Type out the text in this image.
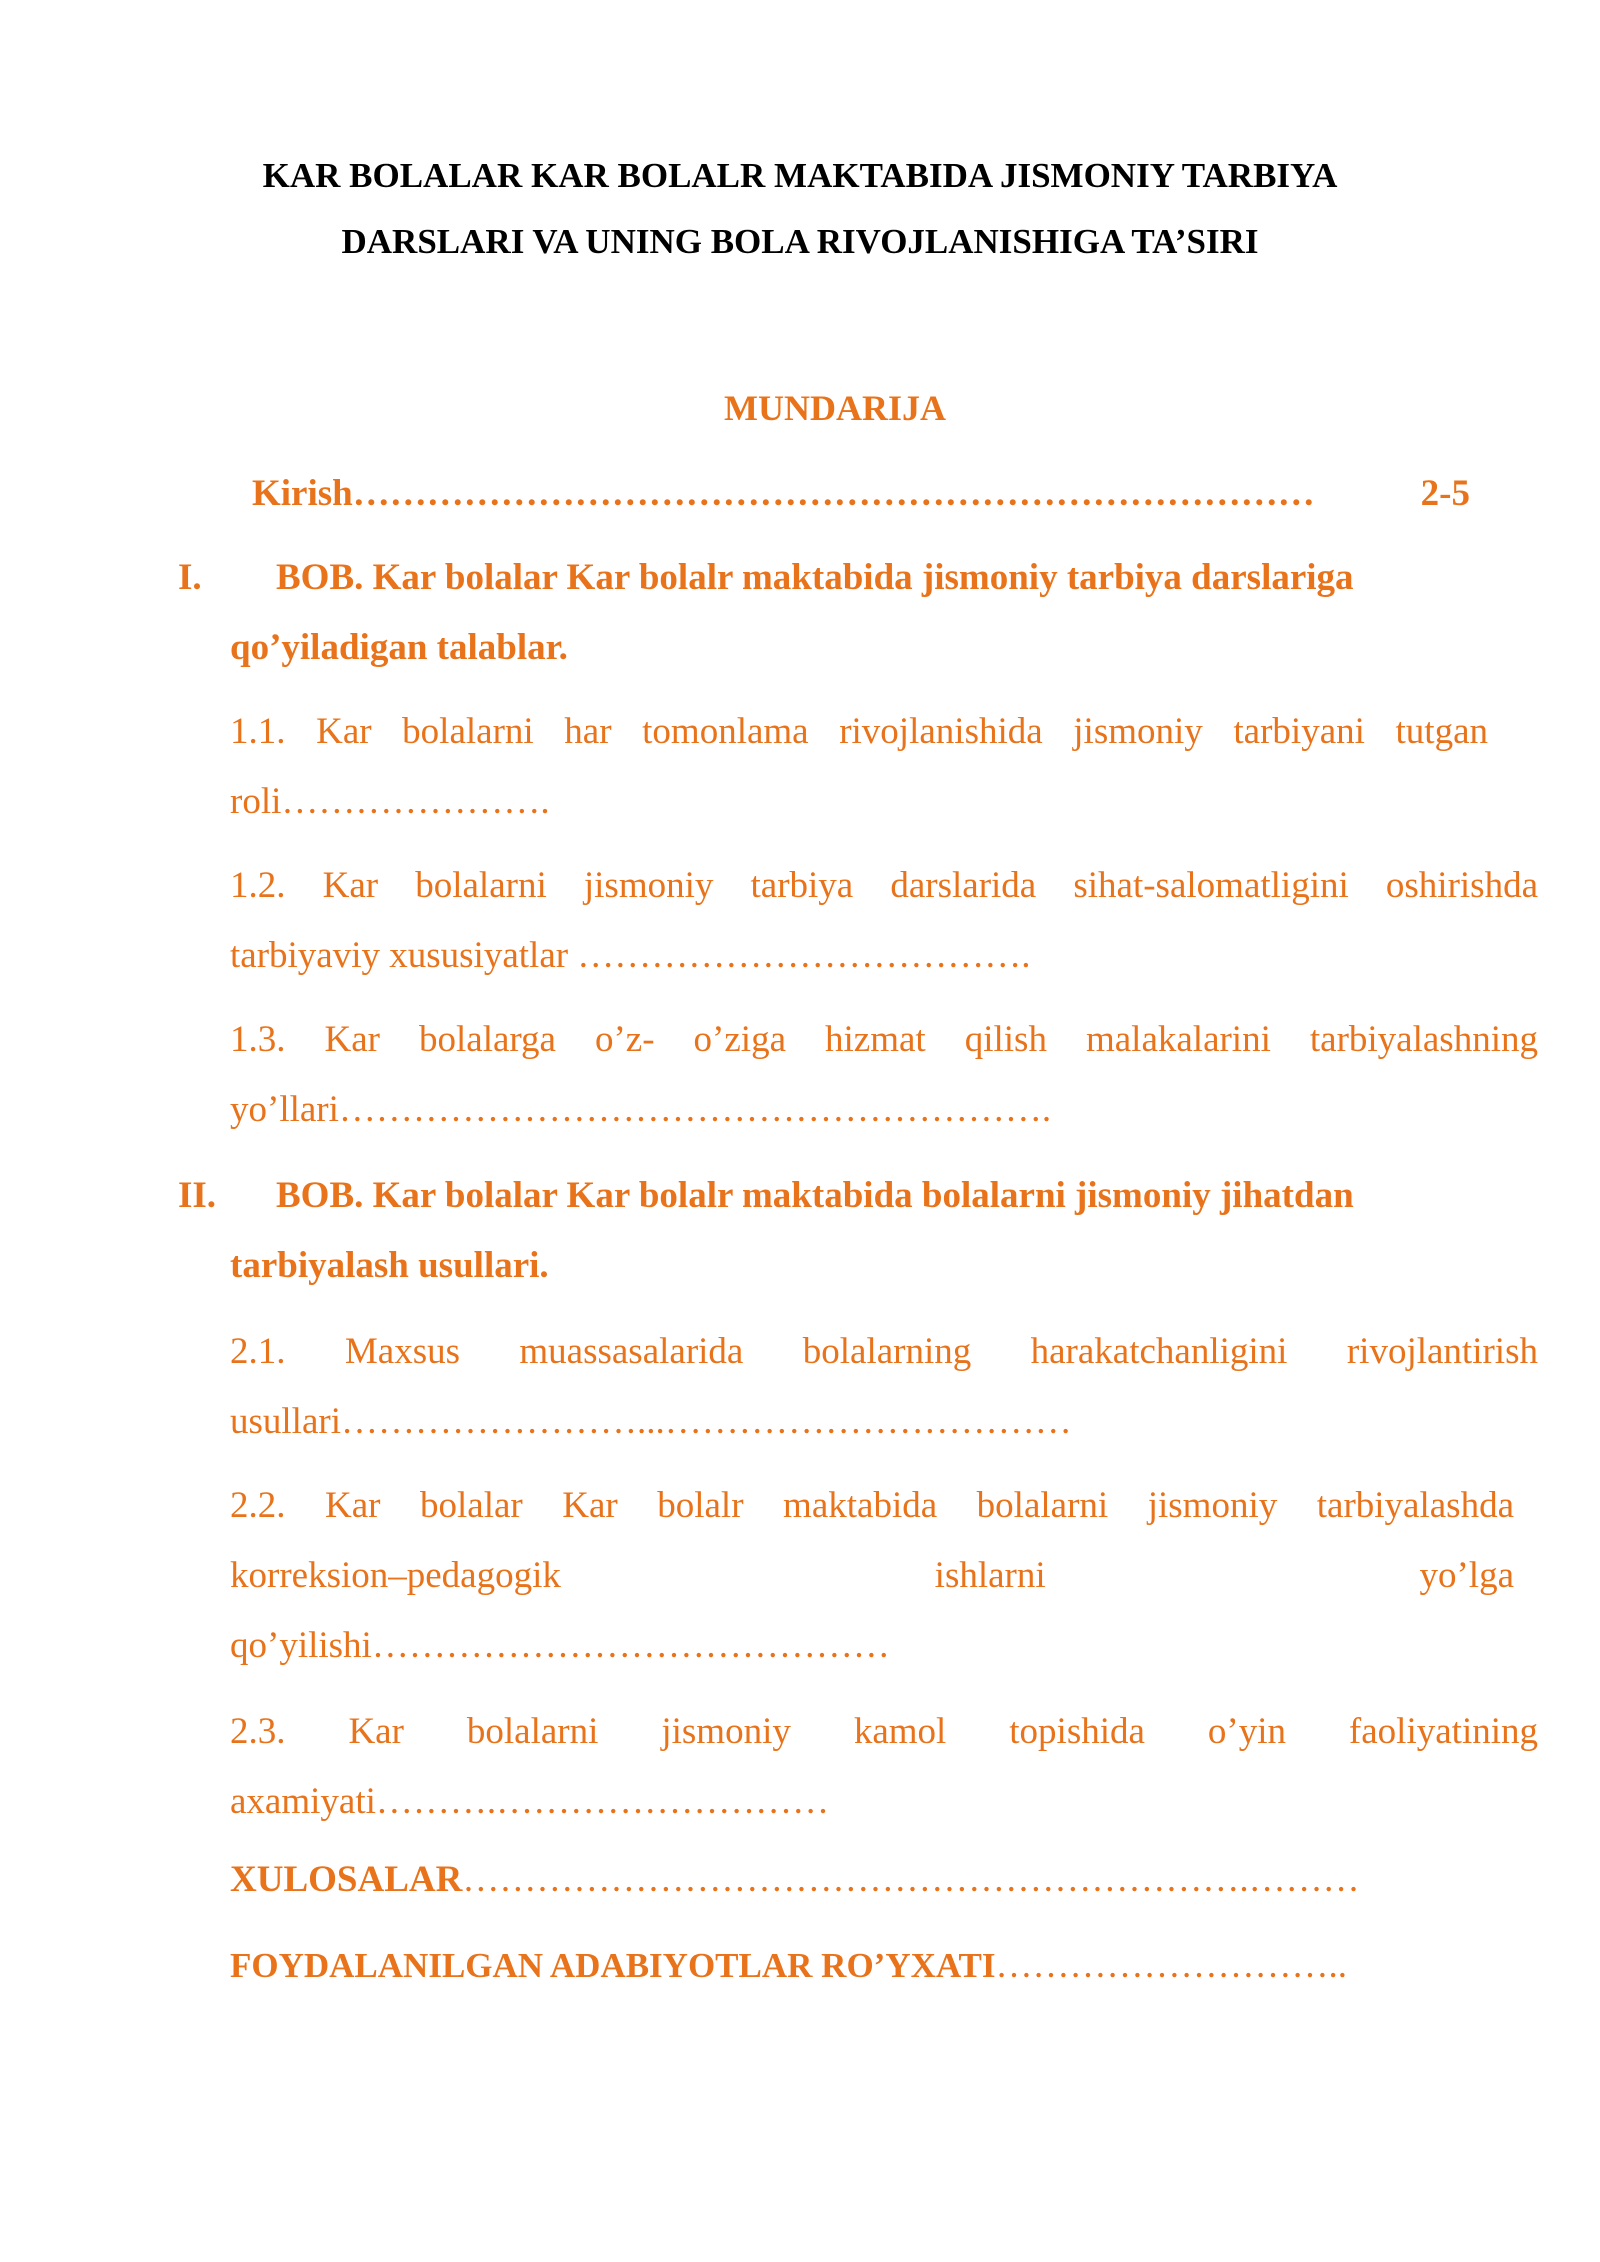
KAR BOLALAR KAR BOLALR MAKTABIDA JISMONIY TARBIYA
DARSLARI VA UNING BOLA RIVOJLANISHIGA TA’SIRI
MUNDARIJA
Kirish ……………………………………………………………………	2-5
I. BOB. Kar bolalar Kar bolalr maktabida jismoniy tarbiya darslariga
qo’yiladigan talablar.
1.1. Kar bolalarni har tomonlama rivojlanishida jismoniy tarbiyani tutgan
roli………………….
1.2. Kar bolalarni jismoniy tarbiya darslarida sihat-salomatligini oshirishda
tarbiyaviy xususiyatlar ……………………………….
1.3. Kar bolalarga o’z- o’ziga hizmat qilish malakalarini tarbiyalashning
yo’llari………………………………………………….
II. BOB. Kar bolalar Kar bolalr maktabida bolalarni jismoniy jihatdan
tarbiyalash usullari.
2.1. Maxsus muassasalarida bolalarning harakatchanligini rivojlantirish
usullari……………………...……………………………
2.2. Kar bolalar Kar bolalr maktabida bolalarni jismoniy tarbiyalashda
korreksion–pedagogik ishlarni yo’lga
qo’yilishi……………………………………
2.3. Kar bolalarni jismoniy kamol topishida o’yin faoliyatining
axamiyati……….………………………
XULOSALAR……………………………………………………….………
FOYDALANILGAN ADABIYOTLAR RO’YXATI………………………..
